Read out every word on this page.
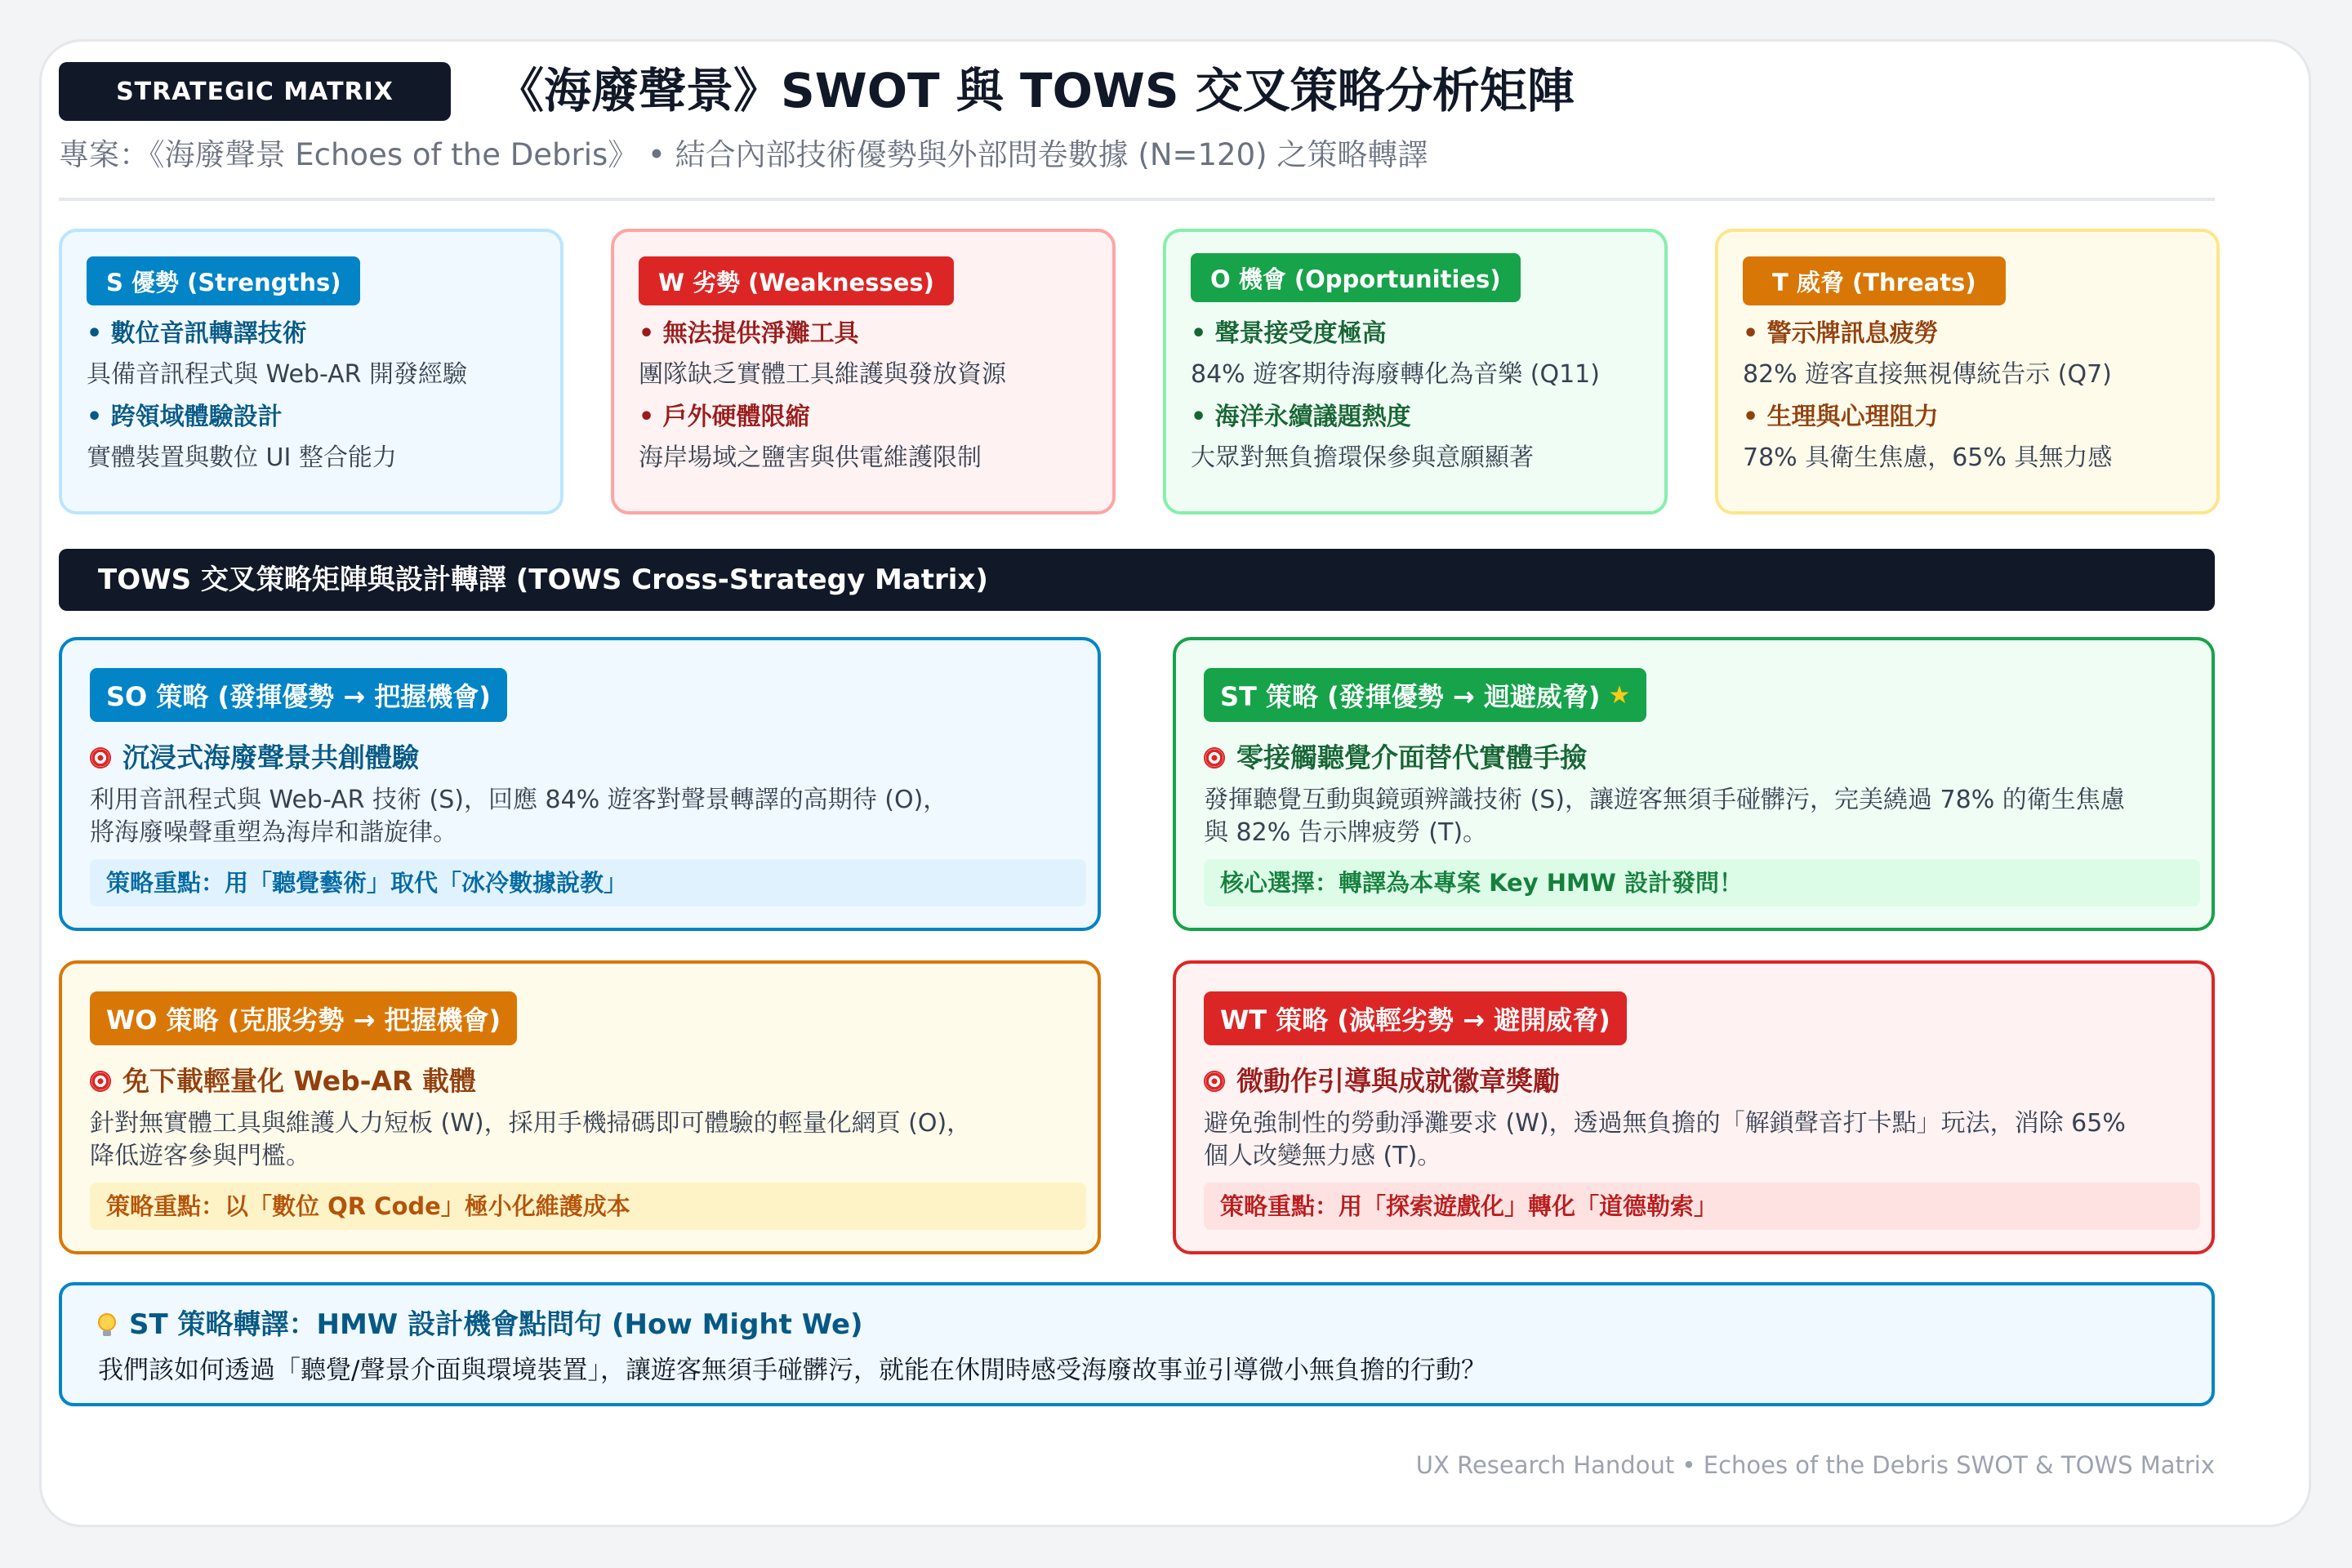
STRATEGIC MATRIX	《海廢聲景》SWOT 與 TOWS 交叉策略分析矩陣
專案：《海廢聲景 Echoes of the Debris》 • 結合內部技術優勢與外部問卷數據 (N=120) 之策略轉譯
S 優勢 (Strengths)
• 數位音訊轉譯技術
具備音訊程式與 Web-AR 開發經驗
• 跨領域體驗設計
實體裝置與數位 UI 整合能力
W 劣勢 (Weaknesses)
• 無法提供淨灘工具
團隊缺乏實體工具維護與發放資源
• 戶外硬體限縮
海岸場域之鹽害與供電維護限制
O 機會 (Opportunities)
• 聲景接受度極高
84% 遊客期待海廢轉化為音樂 (Q11)
• 海洋永續議題熱度
大眾對無負擔環保參與意願顯著
T 威脅 (Threats)
• 警示牌訊息疲勞
82% 遊客直接無視傳統告示 (Q7)
• 生理與心理阻力
78% 具衛生焦慮，65% 具無力感
TOWS 交叉策略矩陣與設計轉譯 (TOWS Cross-Strategy Matrix)
SO 策略 (發揮優勢 → 把握機會)
沉浸式海廢聲景共創體驗
利用音訊程式與 Web-AR 技術 (S)，回應 84% 遊客對聲景轉譯的高期待 (O)，
將海廢噪聲重塑為海岸和諧旋律。
策略重點：用「聽覺藝術」取代「冰冷數據說教」
ST 策略 (發揮優勢 → 迴避威脅) ★
零接觸聽覺介面替代實體手撿
發揮聽覺互動與鏡頭辨識技術 (S)，讓遊客無須手碰髒污，完美繞過 78% 的衛生焦慮
與 82% 告示牌疲勞 (T)。
核心選擇：轉譯為本專案 Key HMW 設計發問！
WO 策略 (克服劣勢 → 把握機會)
免下載輕量化 Web-AR 載體
針對無實體工具與維護人力短板 (W)，採用手機掃碼即可體驗的輕量化網頁 (O)，
降低遊客參與門檻。
策略重點：以「數位 QR Code」極小化維護成本
WT 策略 (減輕劣勢 → 避開威脅)
微動作引導與成就徽章獎勵
避免強制性的勞動淨灘要求 (W)，透過無負擔的「解鎖聲音打卡點」玩法，消除 65%
個人改變無力感 (T)。
策略重點：用「探索遊戲化」轉化「道德勒索」
ST 策略轉譯：HMW 設計機會點問句 (How Might We)
我們該如何透過「聽覺/聲景介面與環境裝置」，讓遊客無須手碰髒污，就能在休閒時感受海廢故事並引導微小無負擔的行動？
UX Research Handout • Echoes of the Debris SWOT & TOWS Matrix
